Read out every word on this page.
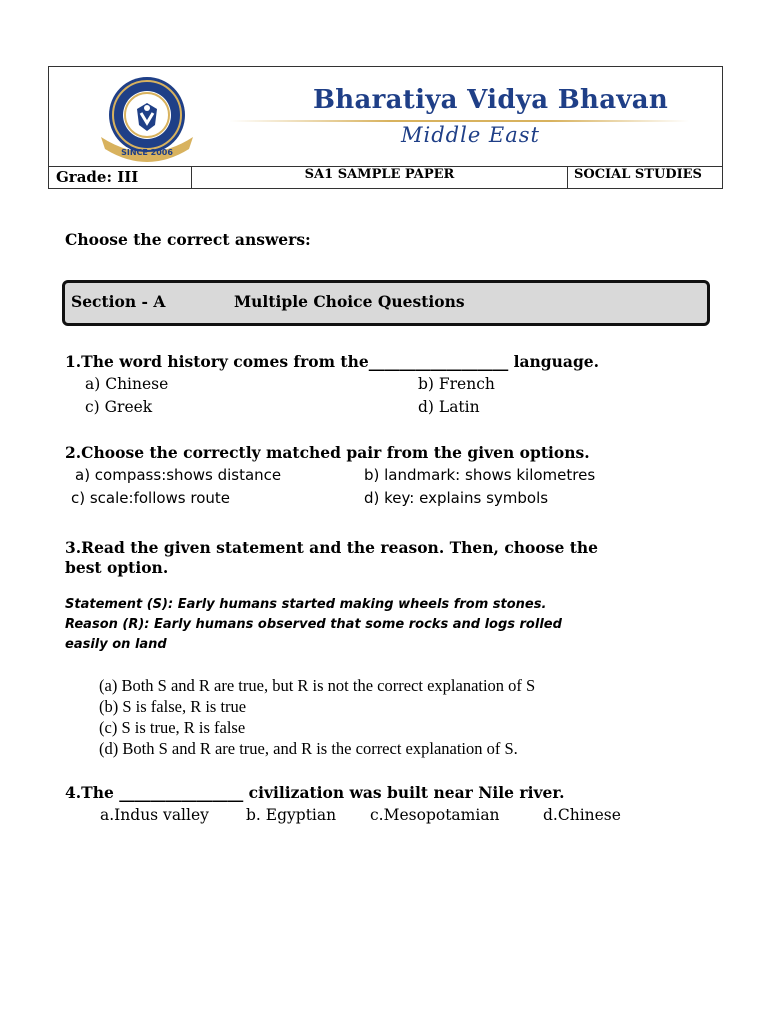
SINCE 2006
Bharatiya Vidya Bhavan
Middle East
Grade: III	SA1 SAMPLE PAPER	SOCIAL STUDIES
Choose the correct answers:
Section - A	Multiple Choice Questions
1.The word history comes from the__________________ language.
a) Chinese	b) French
c) Greek	d) Latin
2.Choose the correctly matched pair from the given options.
a) compass:shows distance	b) landmark: shows kilometres
c) scale:follows route	d) key: explains symbols
3.Read the given statement and the reason. Then, choose the
best option.
Statement (S): Early humans started making wheels from stones.
Reason (R): Early humans observed that some rocks and logs rolled
easily on land
(a) Both S and R are true, but R is not the correct explanation of S
(b) S is false, R is true
(c) S is true, R is false
(d) Both S and R are true, and R is the correct explanation of S.
4.The ________________ civilization was built near Nile river.
a.Indus valley b. Egyptian c.Mesopotamian	d.Chinese
